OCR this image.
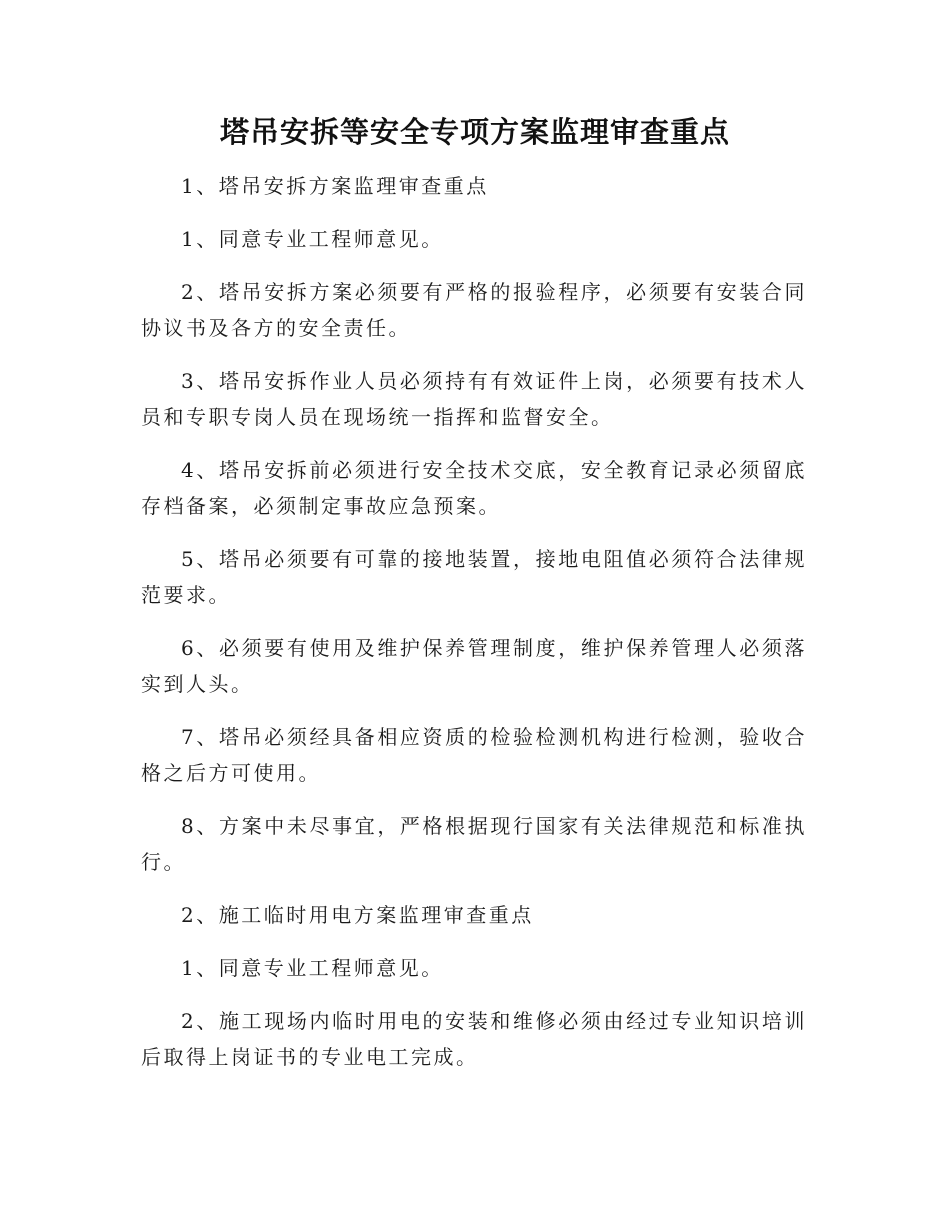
塔吊安拆等安全专项方案监理审查重点

1、塔吊安拆方案监理审查重点

1、同意专业工程师意见。

2、塔吊安拆方案必须要有严格的报验程序，必须要有安装合同协议书及各方的安全责任。

3、塔吊安拆作业人员必须持有有效证件上岗，必须要有技术人员和专职专岗人员在现场统一指挥和监督安全。

4、塔吊安拆前必须进行安全技术交底，安全教育记录必须留底存档备案，必须制定事故应急预案。

5、塔吊必须要有可靠的接地装置，接地电阻值必须符合法律规范要求。

6、必须要有使用及维护保养管理制度，维护保养管理人必须落实到人头。

7、塔吊必须经具备相应资质的检验检测机构进行检测，验收合格之后方可使用。

8、方案中未尽事宜，严格根据现行国家有关法律规范和标准执行。

2、施工临时用电方案监理审查重点

1、同意专业工程师意见。

2、施工现场内临时用电的安装和维修必须由经过专业知识培训后取得上岗证书的专业电工完成。
